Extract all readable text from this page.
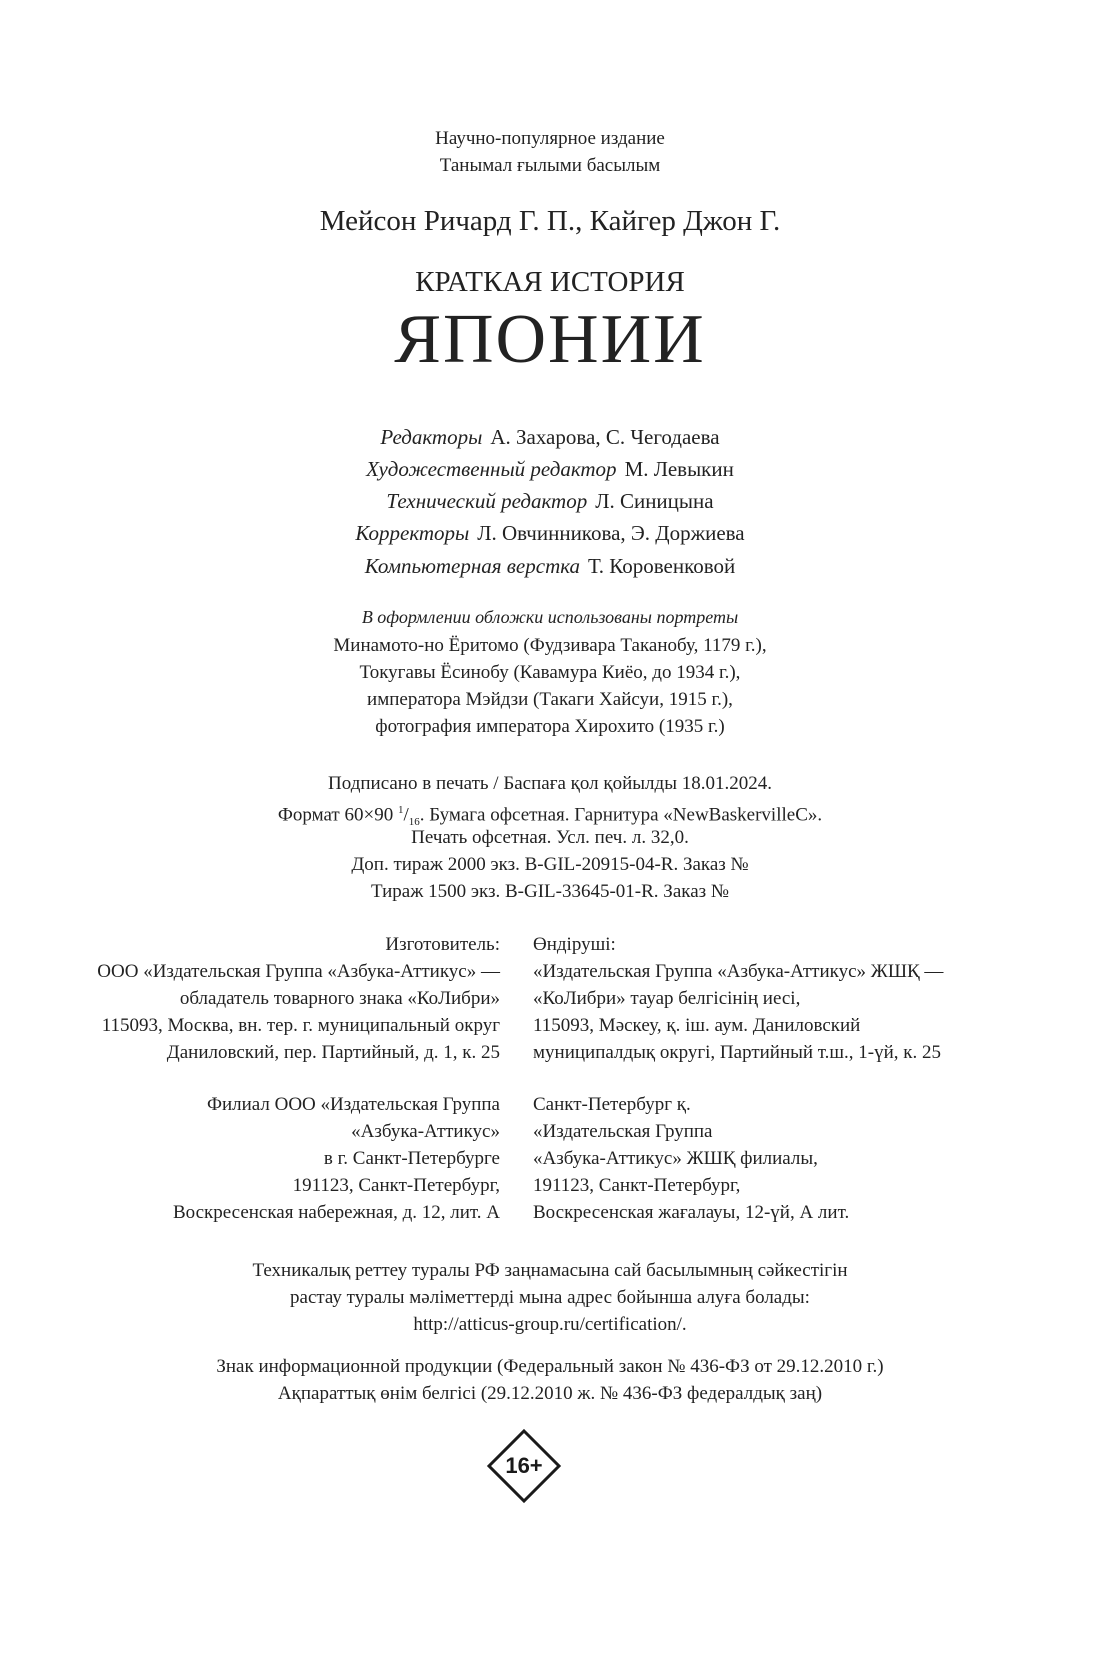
Научно-популярное издание
Танымал ғылыми басылым
Мейсон Ричард Г. П., Кайгер Джон Г.
КРАТКАЯ ИСТОРИЯ
ЯПОНИИ
Редакторы А. Захарова, С. Чегодаева
Художественный редактор М. Левыкин
Технический редактор Л. Синицына
Корректоры Л. Овчинникова, Э. Доржиева
Компьютерная верстка Т. Коровенковой
В оформлении обложки использованы портреты
Минамото-но Ёритомо (Фудзивара Таканобу, 1179 г.),
Токугавы Ёсинобу (Кавамура Киёо, до 1934 г.),
императора Мэйдзи (Такаги Хайсуи, 1915 г.),
фотография императора Хирохито (1935 г.)
Подписано в печать / Баспаға қол қойылды 18.01.2024.
Формат 60×90 $^1/_{16}$. Бумага офсетная. Гарнитура «NewBaskervilleC».
Печать офсетная. Усл. печ. л. 32,0.
Доп. тираж 2000 экз. B-GIL-20915-04-R. Заказ №
Тираж 1500 экз. B-GIL-33645-01-R. Заказ №
Изготовитель:
ООО «Издательская Группа «Азбука-Аттикус» —
обладатель товарного знака «КоЛибри»
115093, Москва, вн. тер. г. муниципальный округ
Даниловский, пер. Партийный, д. 1, к. 25
Өндіруші:
«Издательская Группа «Азбука-Аттикус» ЖШҚ —
«КоЛибри» тауар белгісінің иесі,
115093, Мәскеу, қ. іш. аум. Даниловский
муниципалдық округі, Партийный т.ш., 1-үй, к. 25
Филиал ООО «Издательская Группа
«Азбука-Аттикус»
в г. Санкт-Петербурге
191123, Санкт-Петербург,
Воскресенская набережная, д. 12, лит. А
Санкт-Петербург қ.
«Издательская Группа
«Азбука-Аттикус» ЖШҚ филиалы,
191123, Санкт-Петербург,
Воскресенская жағалауы, 12-үй, А лит.
Техникалық реттеу туралы РФ заңнамасына сай басылымның сәйкестігін
растау туралы мәліметтерді мына адрес бойынша алуға болады:
http://atticus-group.ru/certification/.
Знак информационной продукции (Федеральный закон № 436-ФЗ от 29.12.2010 г.)
Ақпараттық өнім белгісі (29.12.2010 ж. № 436-ФЗ федералдық заң)
16+
